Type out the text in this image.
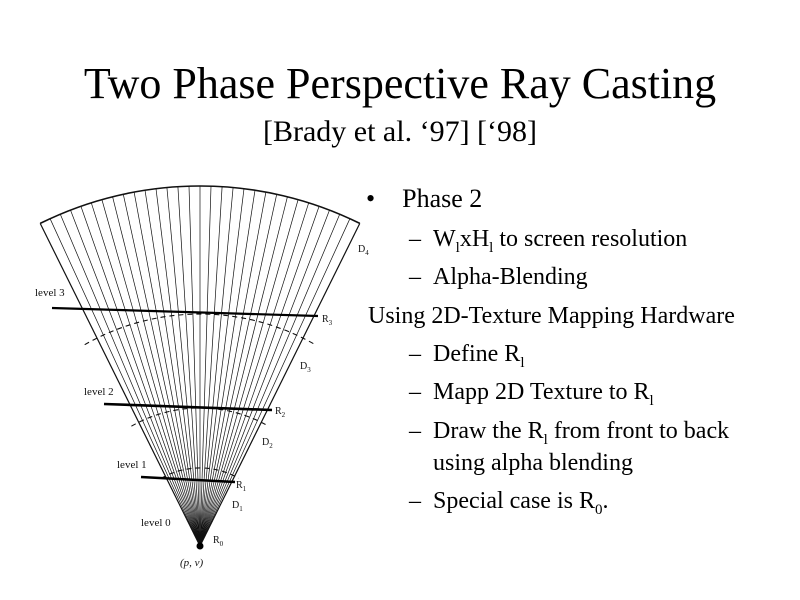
Two Phase Perspective Ray Casting
[Brady et al. ‘97] [‘98]
level 3
level 2
level 1
level 0
$R_3$
$R_2$
$R_1$
$R_0$
$D_4$
$D_3$
$D_2$
$D_1$
(p, v)
• Phase 2
– $W_lxH_l$ to screen resolution
– Alpha-Blending
Using 2D-Texture Mapping Hardware
– Define $R_l$
– Mapp 2D Texture to $R_l$
– Draw the $R_l$ from front to back
using alpha blending
– Special case is $R_0$.
